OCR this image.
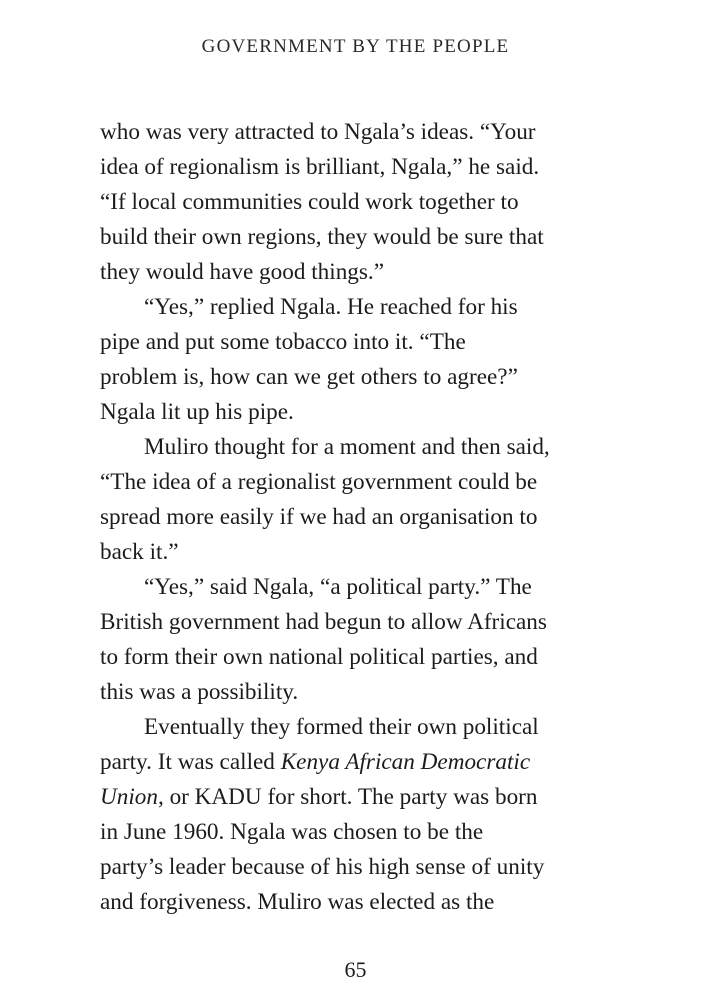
GOVERNMENT BY THE PEOPLE
who was very attracted to Ngala’s ideas. “Your
idea of regionalism is brilliant, Ngala,” he said.
“If local communities could work together to
build their own regions, they would be sure that
they would have good things.”
“Yes,” replied Ngala. He reached for his
pipe and put some tobacco into it. “The
problem is, how can we get others to agree?”
Ngala lit up his pipe.
Muliro thought for a moment and then said,
“The idea of a regionalist government could be
spread more easily if we had an organisation to
back it.”
“Yes,” said Ngala, “a political party.” The
British government had begun to allow Africans
to form their own national political parties, and
this was a possibility.
Eventually they formed their own political
party. It was called Kenya African Democratic
Union, or KADU for short. The party was born
in June 1960. Ngala was chosen to be the
party’s leader because of his high sense of unity
and forgiveness. Muliro was elected as the
65
